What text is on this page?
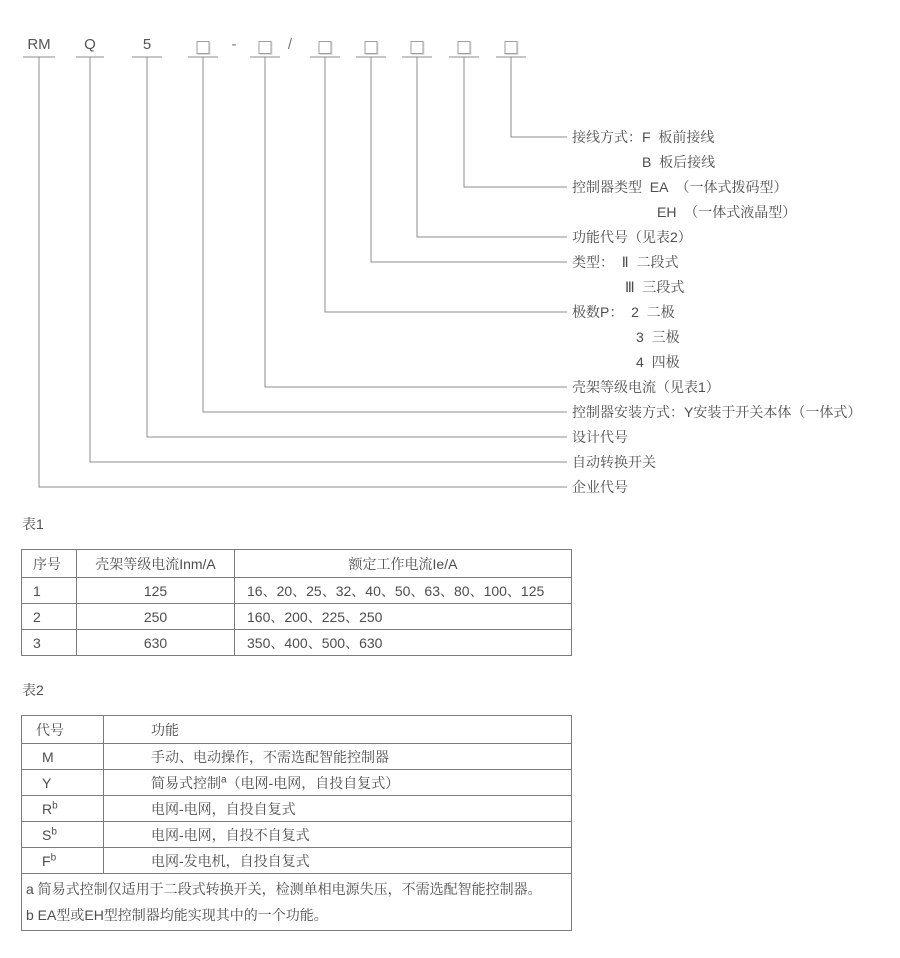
RM Q	5	-	/
接线方式：F  板前接线
B  板后接线
控制器类型  EA  （一体式拨码型）
EH  （一体式液晶型）
功能代号（见表2）
类型：  Ⅱ  二段式
Ⅲ  三段式
极数P：  2  二极
3  三极
4  四极
壳架等级电流（见表1）
控制器安装方式：Y安装于开关本体（一体式）
设计代号
自动转换开关
企业代号
表1
序号	壳架等级电流Inm/A	额定工作电流Ie/A
1	125	16、20、25、32、40、50、63、80、100、125
2	250	160、200、225、250
3	630	350、400、500、630
表2
代号	功能
M	手动、电动操作，不需选配智能控制器
Y	简易式控制$^a$（电网-电网，自投自复式）
$R^b$	电网-电网，自投自复式
$S^b$	电网-电网，自投不自复式
$F^b$	电网-发电机，自投自复式

a 简易式控制仅适用于二段式转换开关，检测单相电源失压，不需选配智能控制器。
b EA型或EH型控制器均能实现其中的一个功能。	
